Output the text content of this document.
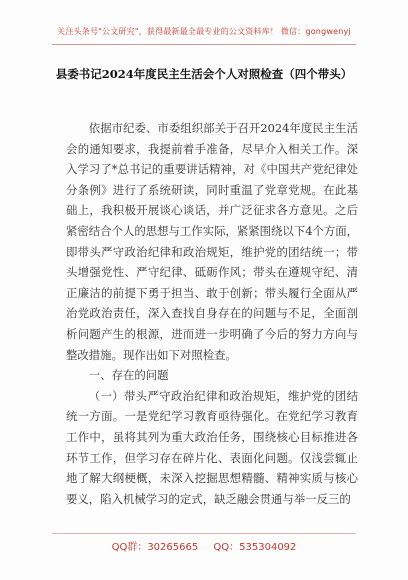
关注头条号"公文研究"，获得最新最全最专业的公文资料库！ 微信：gongwenyj
县委书记2024年度民主生活会个人对照检查（四个带头）

依据市纪委、市委组织部关于召开2024年度民主生活会的通知要求，我提前着手准备，尽早介入相关工作。深入学习了*总书记的重要讲话精神，对《中国共产党纪律处分条例》进行了系统研读，同时重温了党章党规。在此基础上，我积极开展谈心谈话，并广泛征求各方意见。之后紧密结合个人的思想与工作实际，紧紧围绕以下4个方面，即带头严守政治纪律和政治规矩，维护党的团结统一；带头增强党性、严守纪律、砥砺作风；带头在遵规守纪、清正廉洁的前提下勇于担当、敢于创新；带头履行全面从严治党政治责任，深入查找自身存在的问题与不足，全面剖析问题产生的根源，进而进一步明确了今后的努力方向与整改措施。现作出如下对照检查。

一、存在的问题

（一）带头严守政治纪律和政治规矩，维护党的团结统一方面。一是党纪学习教育亟待强化。在党纪学习教育工作中，虽将其列为重大政治任务，围绕核心目标推进各环节工作，但学习存在碎片化、表面化问题。仅浅尝辄止地了解大纲梗概，未深入挖掘思想精髓、精神实质与核心要义，陷入机械学习的定式，缺乏融会贯通与举一反三的

QQ群：30265665 QQ：535304092
